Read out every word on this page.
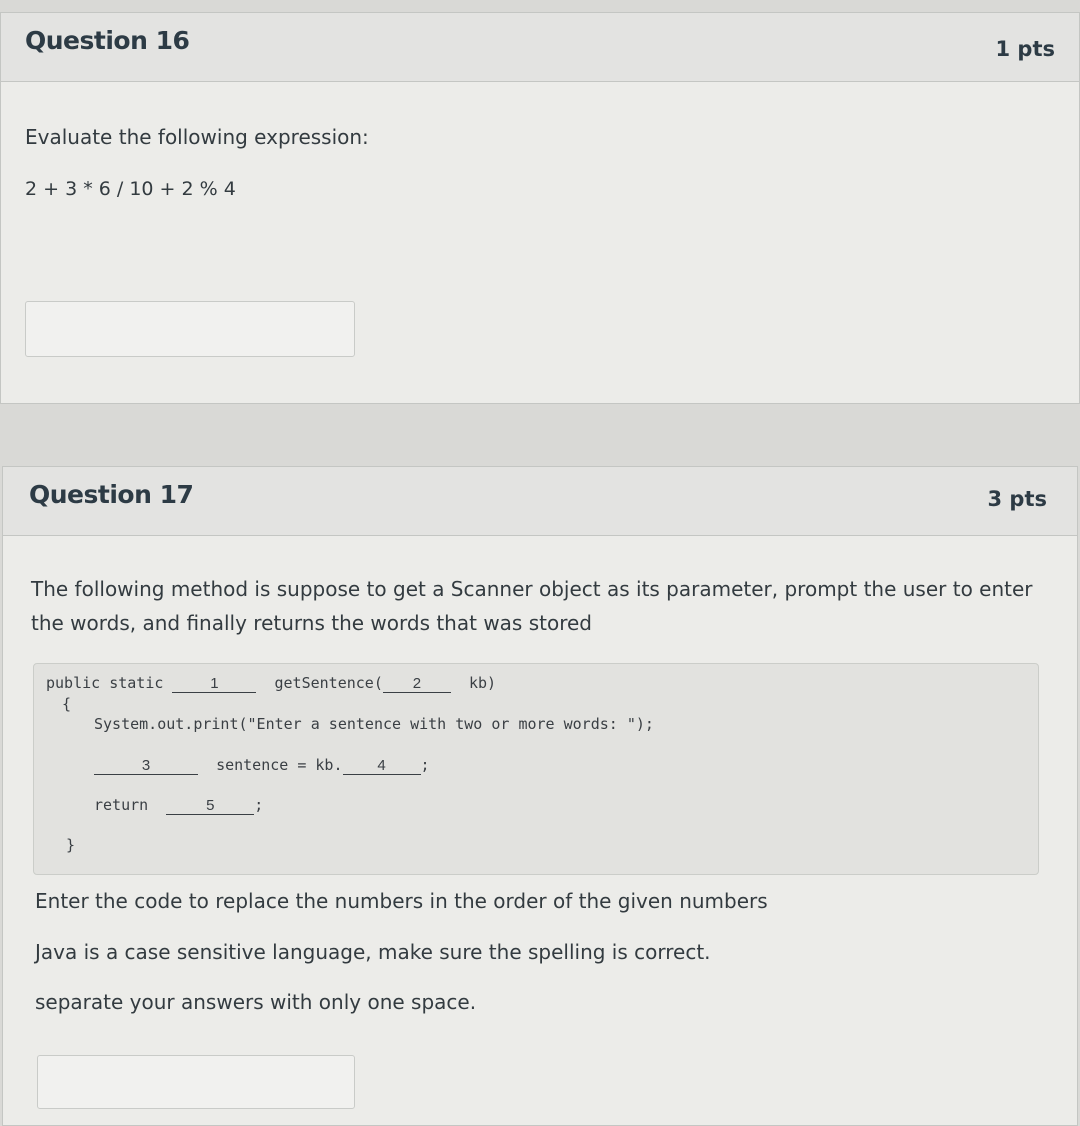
Question 16	1 pts
Evaluate the following expression:
2 + 3 * 6 / 10 + 2 % 4
Question 17	3 pts
The following method is suppose to get a Scanner object as its parameter, prompt the user to enter
the words, and finally returns the words that was stored
public static	1	getSentence( 2	kb)
{
System.out.print("Enter a sentence with two or more words: ");
3	sentence = kb. 4 ;
return	5	;
}
Enter the code to replace the numbers in the order of the given numbers
Java is a case sensitive language, make sure the spelling is correct.
separate your answers with only one space.
